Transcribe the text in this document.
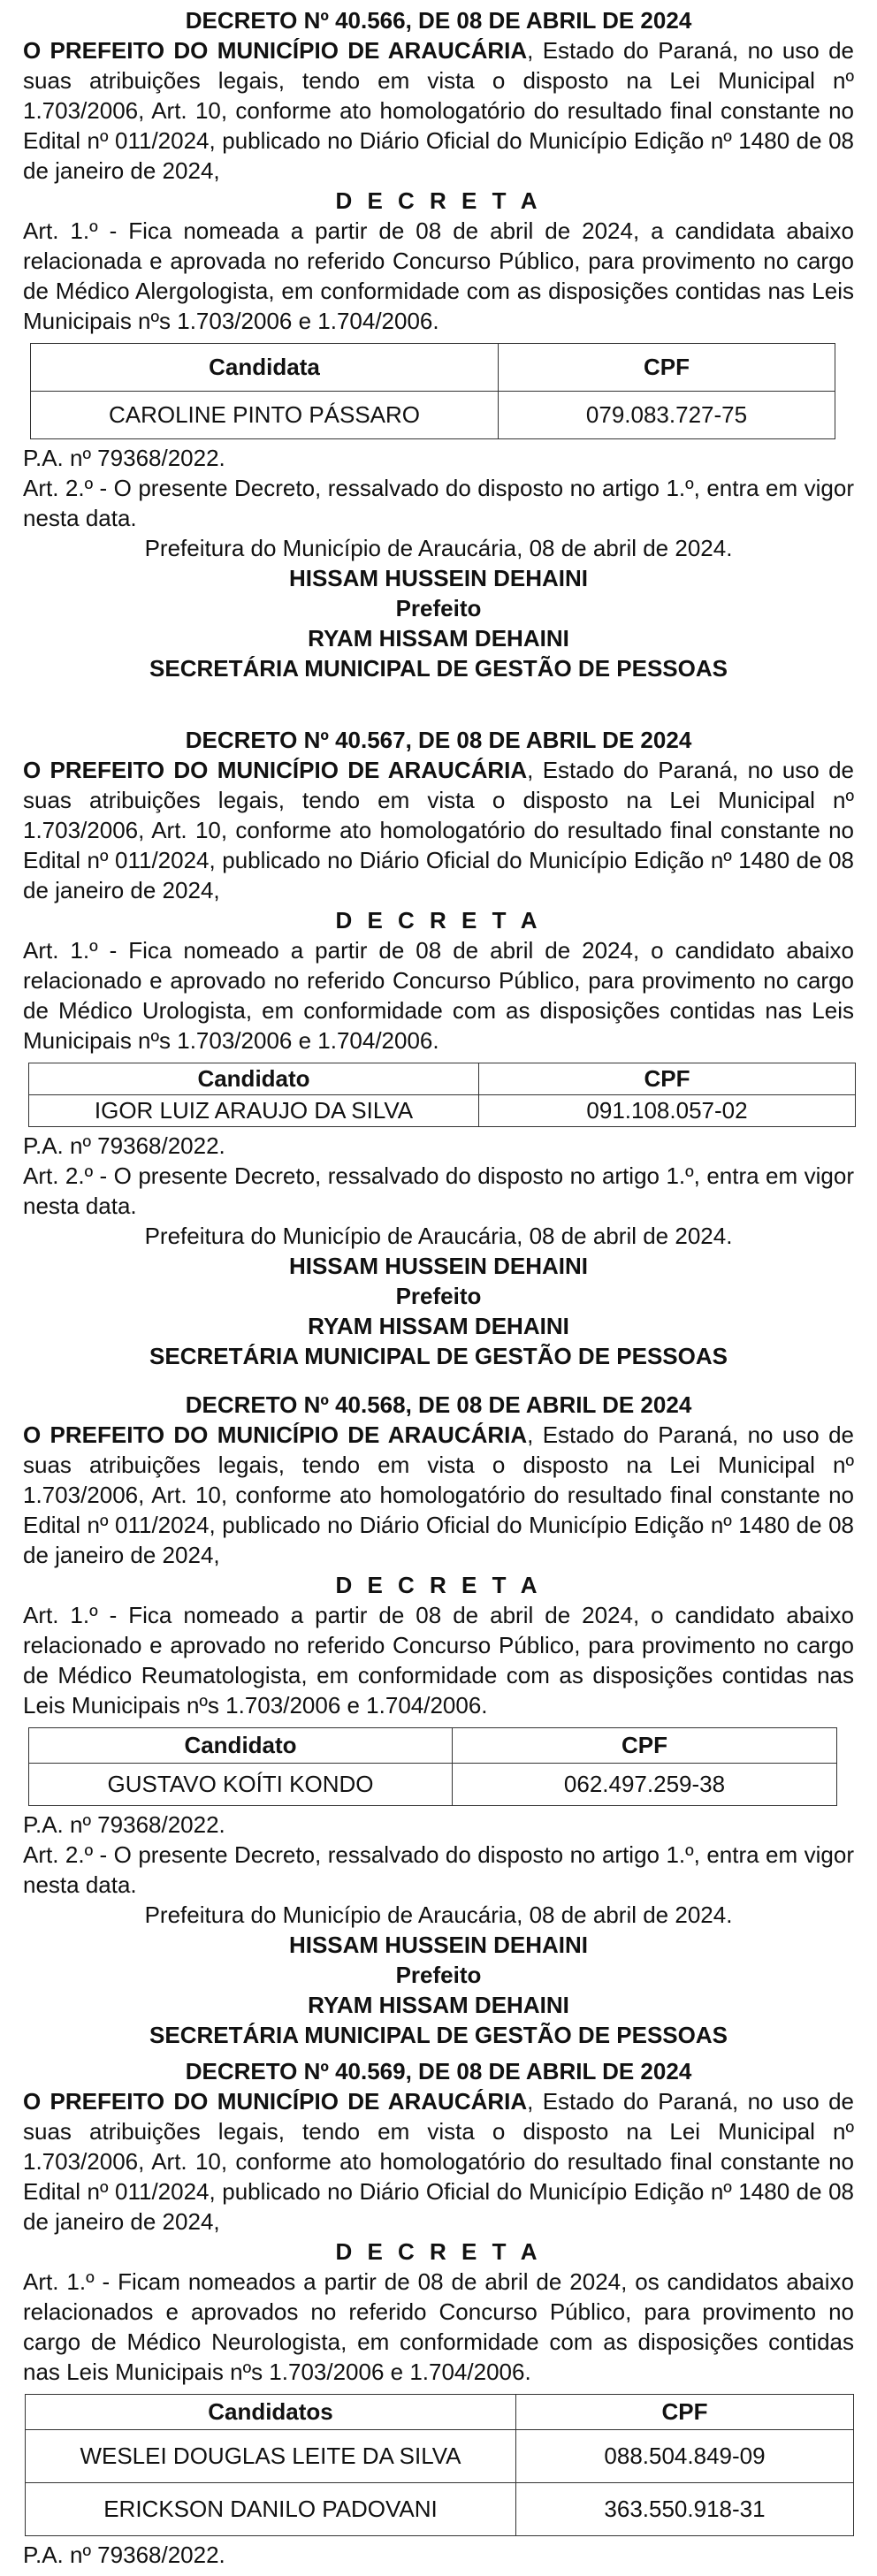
DECRETO Nº 40.566, DE 08 DE ABRIL DE 2024

O PREFEITO DO MUNICÍPIO DE ARAUCÁRIA, Estado do Paraná, no uso de suas atribuições legais, tendo em vista o disposto na Lei Municipal nº 1.703/2006, Art. 10, conforme ato homologatório do resultado final constante no Edital nº 011/2024, publicado no Diário Oficial do Município Edição nº 1480 de 08 de janeiro de 2024,

D E C R E T A

Art. 1.º - Fica nomeada a partir de 08 de abril de 2024, a candidata abaixo relacionada e aprovada no referido Concurso Público, para provimento no cargo de Médico Alergologista, em conformidade com as disposições contidas nas Leis Municipais nºs 1.703/2006 e 1.704/2006.

Candidata	CPF
CAROLINE PINTO PÁSSARO	079.083.727-75

P.A. nº 79368/2022.

Art. 2.º - O presente Decreto, ressalvado do disposto no artigo 1.º, entra em vigor nesta data.

Prefeitura do Município de Araucária, 08 de abril de 2024.

HISSAM HUSSEIN DEHAINI

Prefeito

RYAM HISSAM DEHAINI

SECRETÁRIA MUNICIPAL DE GESTÃO DE PESSOAS

DECRETO Nº 40.567, DE 08 DE ABRIL DE 2024

O PREFEITO DO MUNICÍPIO DE ARAUCÁRIA, Estado do Paraná, no uso de suas atribuições legais, tendo em vista o disposto na Lei Municipal nº 1.703/2006, Art. 10, conforme ato homologatório do resultado final constante no Edital nº 011/2024, publicado no Diário Oficial do Município Edição nº 1480 de 08 de janeiro de 2024,

D E C R E T A

Art. 1.º - Fica nomeado a partir de 08 de abril de 2024, o candidato abaixo relacionado e aprovado no referido Concurso Público, para provimento no cargo de Médico Urologista, em conformidade com as disposições contidas nas Leis Municipais nºs 1.703/2006 e 1.704/2006.

Candidato	CPF
IGOR LUIZ ARAUJO DA SILVA	091.108.057-02

P.A. nº 79368/2022.

Art. 2.º - O presente Decreto, ressalvado do disposto no artigo 1.º, entra em vigor nesta data.

Prefeitura do Município de Araucária, 08 de abril de 2024.

HISSAM HUSSEIN DEHAINI

Prefeito

RYAM HISSAM DEHAINI

SECRETÁRIA MUNICIPAL DE GESTÃO DE PESSOAS

DECRETO Nº 40.568, DE 08 DE ABRIL DE 2024

O PREFEITO DO MUNICÍPIO DE ARAUCÁRIA, Estado do Paraná, no uso de suas atribuições legais, tendo em vista o disposto na Lei Municipal nº 1.703/2006, Art. 10, conforme ato homologatório do resultado final constante no Edital nº 011/2024, publicado no Diário Oficial do Município Edição nº 1480 de 08 de janeiro de 2024,

D E C R E T A

Art. 1.º - Fica nomeado a partir de 08 de abril de 2024, o candidato abaixo relacionado e aprovado no referido Concurso Público, para provimento no cargo de Médico Reumatologista, em conformidade com as disposições contidas nas Leis Municipais nºs 1.703/2006 e 1.704/2006.

Candidato	CPF
GUSTAVO KOÍTI KONDO	062.497.259-38

P.A. nº 79368/2022.

Art. 2.º - O presente Decreto, ressalvado do disposto no artigo 1.º, entra em vigor nesta data.

Prefeitura do Município de Araucária, 08 de abril de 2024.

HISSAM HUSSEIN DEHAINI

Prefeito

RYAM HISSAM DEHAINI

SECRETÁRIA MUNICIPAL DE GESTÃO DE PESSOAS

DECRETO Nº 40.569, DE 08 DE ABRIL DE 2024

O PREFEITO DO MUNICÍPIO DE ARAUCÁRIA, Estado do Paraná, no uso de suas atribuições legais, tendo em vista o disposto na Lei Municipal nº 1.703/2006, Art. 10, conforme ato homologatório do resultado final constante no Edital nº 011/2024, publicado no Diário Oficial do Município Edição nº 1480 de 08 de janeiro de 2024,

D E C R E T A

Art. 1.º - Ficam nomeados a partir de 08 de abril de 2024, os candidatos abaixo relacionados e aprovados no referido Concurso Público, para provimento no cargo de Médico Neurologista, em conformidade com as disposições contidas nas Leis Municipais nºs 1.703/2006 e 1.704/2006.

Candidatos	CPF
WESLEI DOUGLAS LEITE DA SILVA	088.504.849-09
ERICKSON DANILO PADOVANI	363.550.918-31

P.A. nº 79368/2022.
